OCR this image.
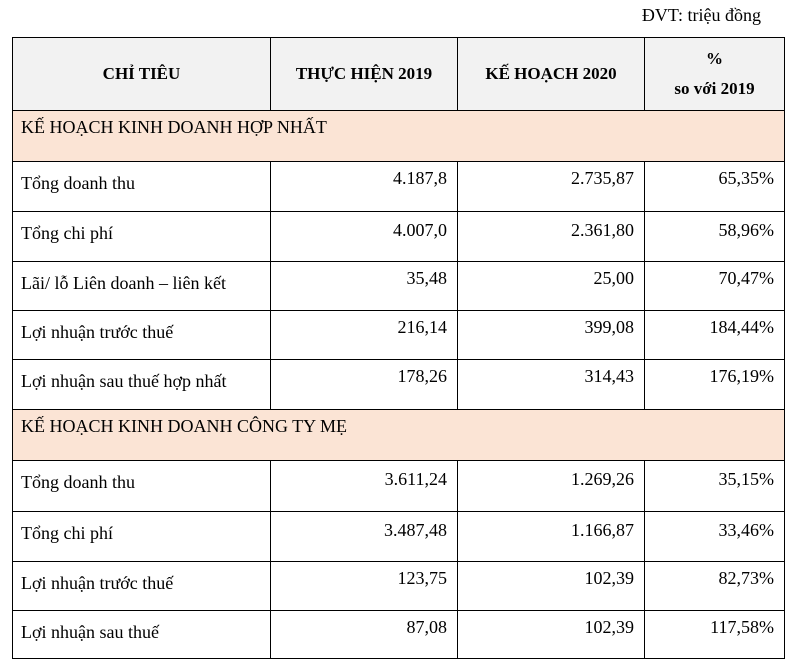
ĐVT: triệu đồng
CHỈ TIÊU	THỰC HIỆN 2019	KẾ HOẠCH 2020	%
so với 2019
KẾ HOẠCH KINH DOANH HỢP NHẤT			
Tổng doanh thu	4.187,8	2.735,87	65,35%
Tổng chi phí	4.007,0	2.361,80	58,96%
Lãi/ lỗ Liên doanh – liên kết	35,48	25,00	70,47%
Lợi nhuận trước thuế	216,14	399,08	184,44%
Lợi nhuận sau thuế hợp nhất	178,26	314,43	176,19%
KẾ HOẠCH KINH DOANH CÔNG TY MẸ			
Tổng doanh thu	3.611,24	1.269,26	35,15%
Tổng chi phí	3.487,48	1.166,87	33,46%
Lợi nhuận trước thuế	123,75	102,39	82,73%
Lợi nhuận sau thuế	87,08	102,39	117,58%
